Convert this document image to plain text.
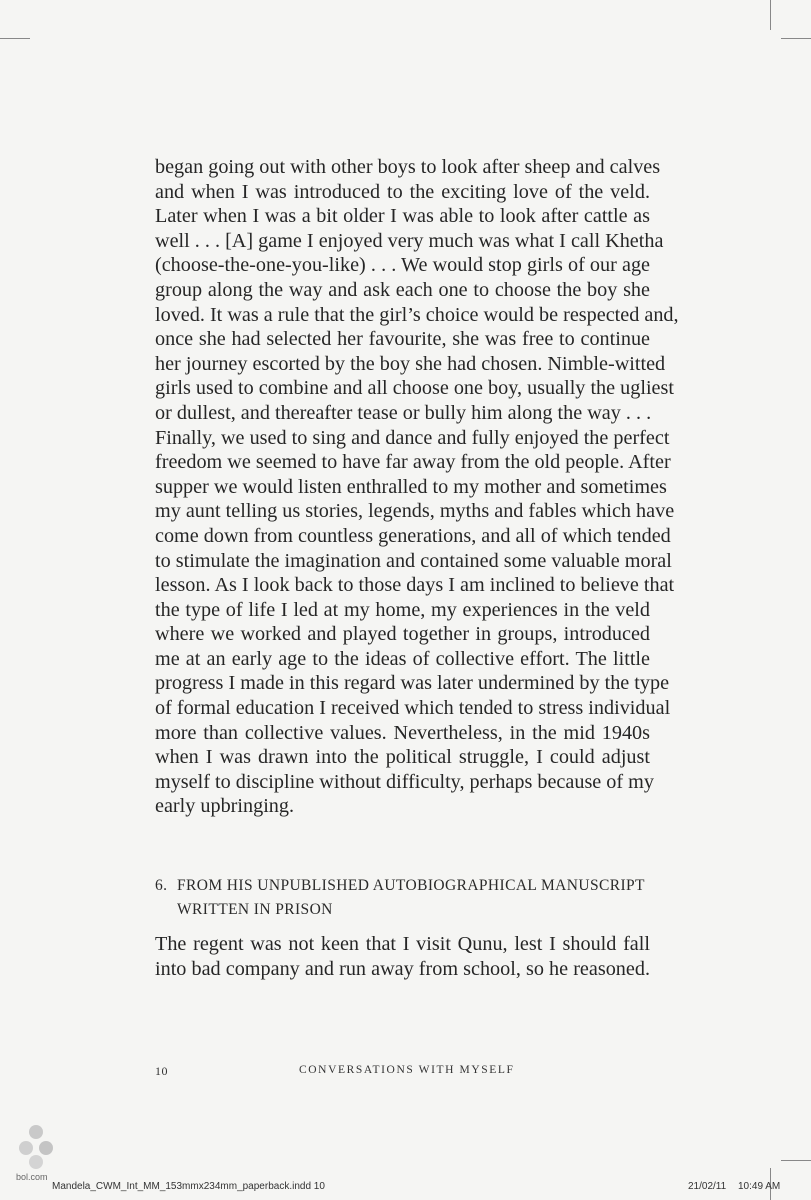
began going out with other boys to look after sheep and calves
and when I was introduced to the exciting love of the veld.
Later when I was a bit older I was able to look after cattle as
well . . . [A] game I enjoyed very much was what I call Khetha
(choose-the-one-you-like) . . . We would stop girls of our age
group along the way and ask each one to choose the boy she
loved. It was a rule that the girl’s choice would be respected and,
once she had selected her favourite, she was free to continue
her journey escorted by the boy she had chosen. Nimble-witted
girls used to combine and all choose one boy, usually the ugliest
or dullest, and thereafter tease or bully him along the way . . .
Finally, we used to sing and dance and fully enjoyed the perfect
freedom we seemed to have far away from the old people. After
supper we would listen enthralled to my mother and sometimes
my aunt telling us stories, legends, myths and fables which have
come down from countless generations, and all of which tended
to stimulate the imagination and contained some valuable moral
lesson. As I look back to those days I am inclined to believe that
the type of life I led at my home, my experiences in the veld
where we worked and played together in groups, introduced
me at an early age to the ideas of collective effort. The little
progress I made in this regard was later undermined by the type
of formal education I received which tended to stress individual
more than collective values. Nevertheless, in the mid 1940s
when I was drawn into the political struggle, I could adjust
myself to discipline without difficulty, perhaps because of my
early upbringing.
6. FROM HIS UNPUBLISHED AUTOBIOGRAPHICAL MANUSCRIPT
WRITTEN IN PRISON
The regent was not keen that I visit Qunu, lest I should fall
into bad company and run away from school, so he reasoned.
10	CONVERSATIONS WITH MYSELF
bol.com
Mandela_CWM_Int_MM_153mmx234mm_paperback.indd 10	21/02/11 10:49 AM
